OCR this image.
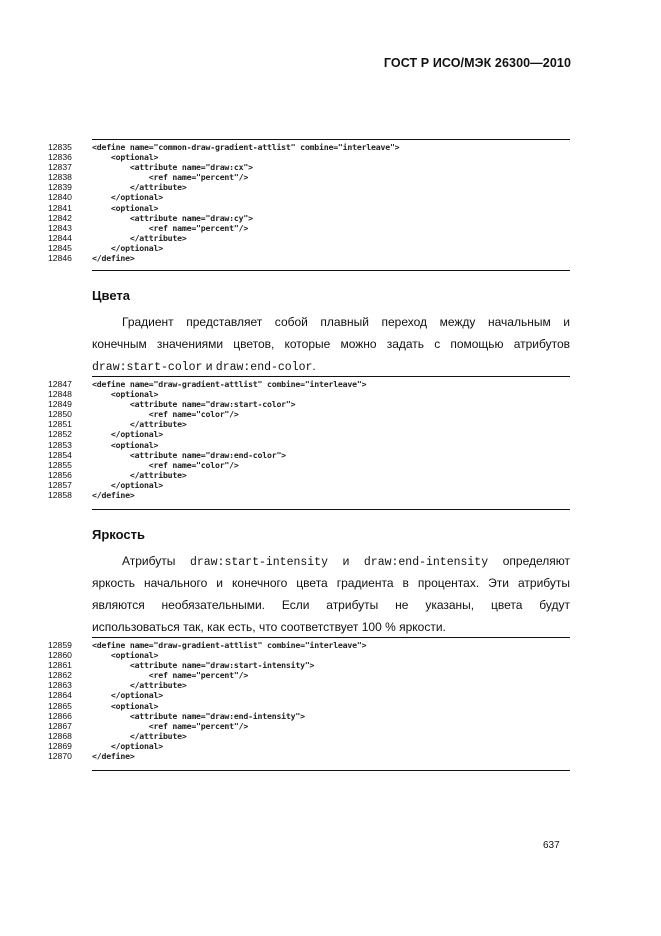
ГОСТ Р ИСО/МЭК 26300—2010
12835	<define name="common-draw-gradient-attlist" combine="interleave">
12836	<optional>
12837	<attribute name="draw:cx">
12838	<ref name="percent"/>
12839	</attribute>
12840	</optional>
12841	<optional>
12842	<attribute name="draw:cy">
12843	<ref name="percent"/>
12844	</attribute>
12845	</optional>
12846	</define>
Цвета
Градиент представляет собой плавный переход между начальным и
конечным значениями цветов, которые можно задать с помощью атрибутов
draw:start-color и draw:end-color.
12847	<define name="draw-gradient-attlist" combine="interleave">
12848	<optional>
12849	<attribute name="draw:start-color">
12850	<ref name="color"/>
12851	</attribute>
12852	</optional>
12853	<optional>
12854	<attribute name="draw:end-color">
12855	<ref name="color"/>
12856	</attribute>
12857	</optional>
12858	</define>
Яркость
Атрибуты draw:start-intensity и draw:end-intensity определяют
яркость начального и конечного цвета градиента в процентах. Эти атрибуты
являются необязательными. Если атрибуты не указаны, цвета будут
использоваться так, как есть, что соответствует 100 % яркости.
12859	<define name="draw-gradient-attlist" combine="interleave">
12860	<optional>
12861	<attribute name="draw:start-intensity">
12862	<ref name="percent"/>
12863	</attribute>
12864	</optional>
12865	<optional>
12866	<attribute name="draw:end-intensity">
12867	<ref name="percent"/>
12868	</attribute>
12869	</optional>
12870	</define>
637
